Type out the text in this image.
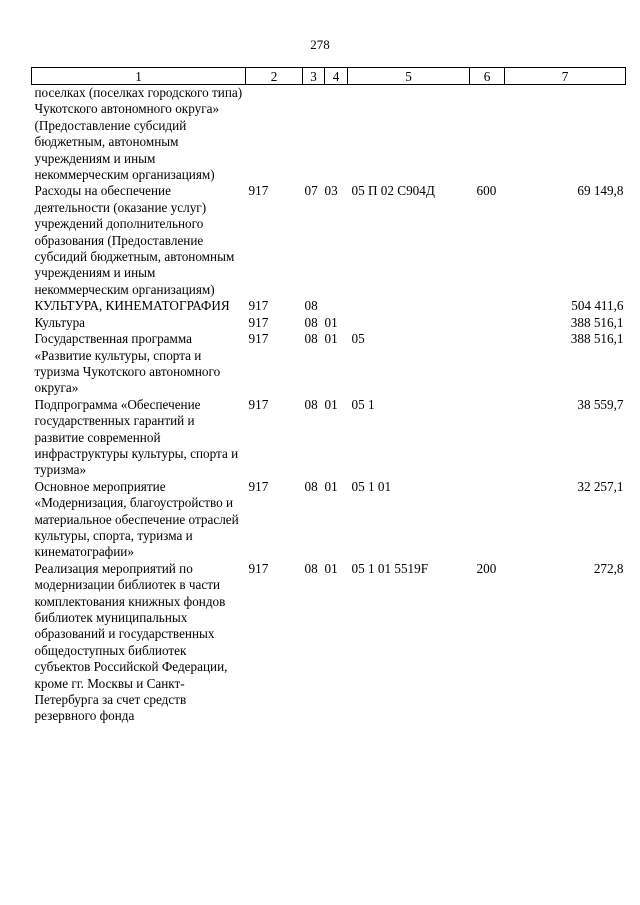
278
1	2	3	4	5	6	7
поселках (поселках городского типа) Чукотского автономного округа» (Предоставление субсидий бюджетным, автономным учреждениям и иным некоммерческим организациям)						
Расходы на обеспечение деятельности (оказание услуг) учреждений дополнительного образования (Предоставление субсидий бюджетным, автономным учреждениям и иным некоммерческим организациям)	917	07	03	05 П 02 С904Д	600	69 149,8
КУЛЬТУРА, КИНЕМАТОГРАФИЯ	917	08				504 411,6
Культура	917	08	01			388 516,1
Государственная программа «Развитие культуры, спорта и туризма Чукотского автономного округа»	917	08	01	05		388 516,1
Подпрограмма «Обеспечение государственных гарантий и развитие современной инфраструктуры культуры, спорта и туризма»	917	08	01	05 1		38 559,7
Основное мероприятие «Модернизация, благоустройство и материальное обеспечение отраслей культуры, спорта, туризма и кинематографии»	917	08	01	05 1 01		32 257,1
Реализация мероприятий по модернизации библиотек в части комплектования книжных фондов библиотек муниципальных образований и государственных общедоступных библиотек субъектов Российской Федерации, кроме гг. Москвы и Санкт-Петербурга за счет средств резервного фонда	917	08	01	05 1 01 5519F	200	272,8
